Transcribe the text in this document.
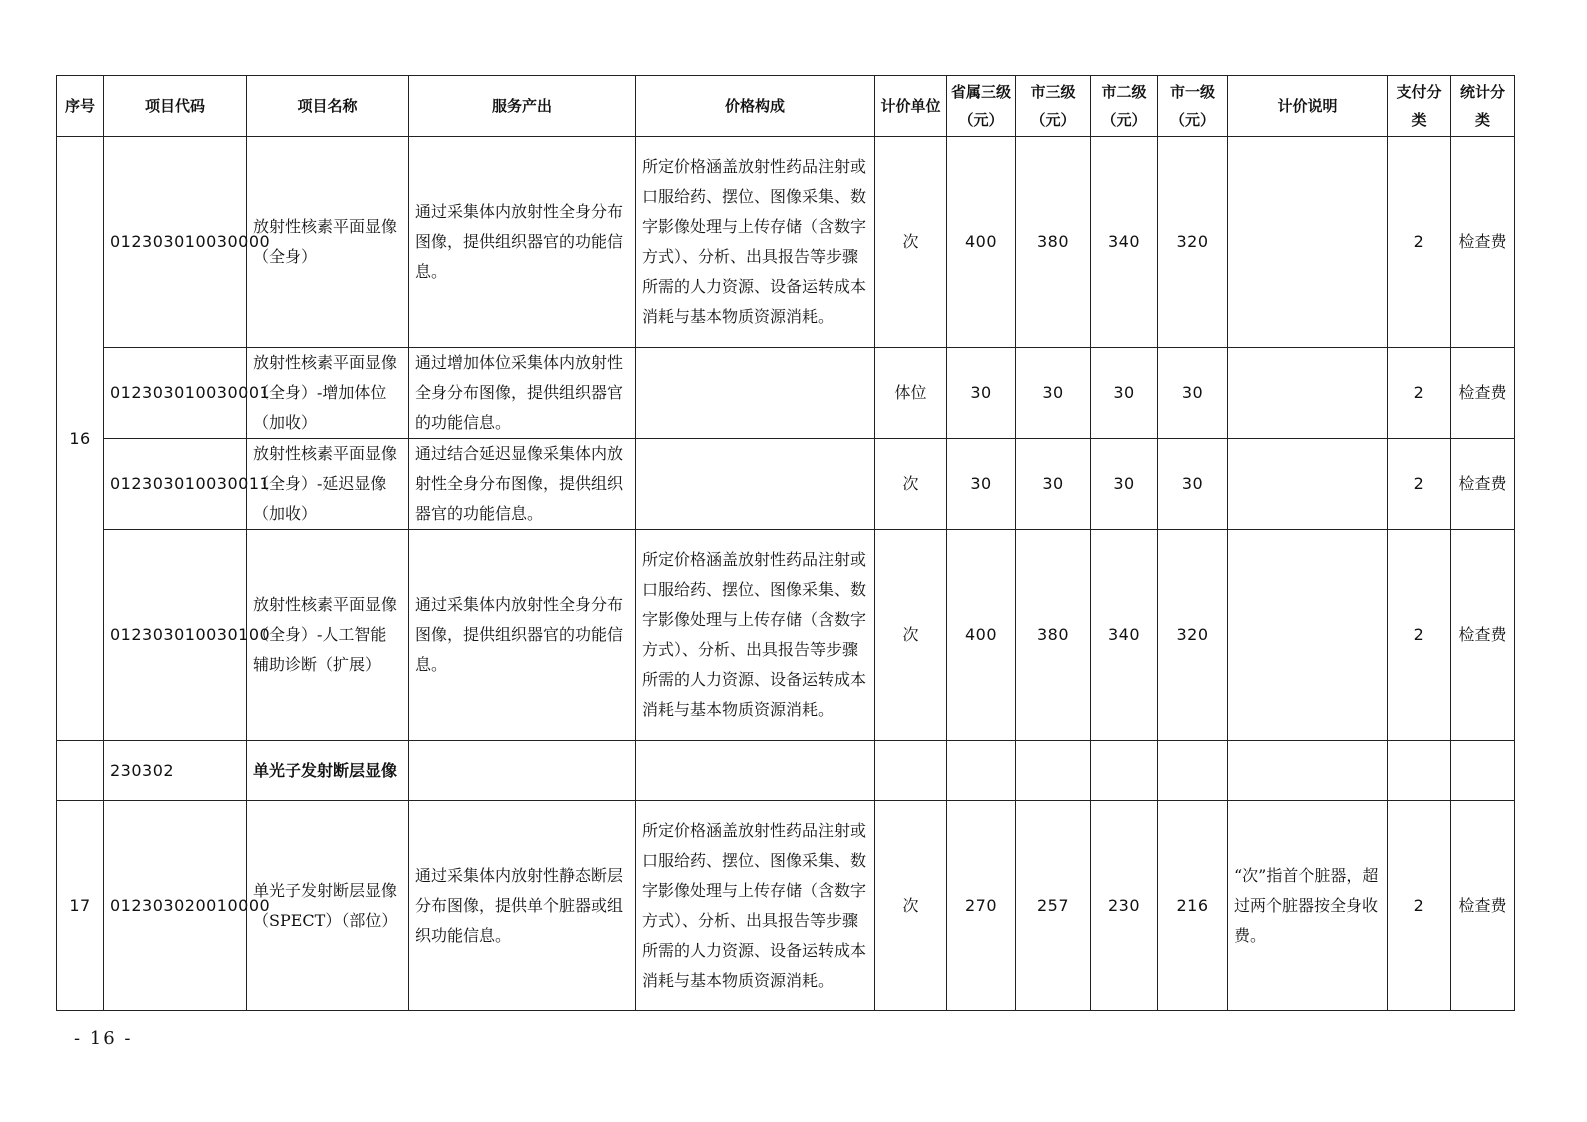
序号	项目代码	项目名称	服务产出	价格构成	计价单位	省属三级（元）	市三级（元）	市二级（元）	市一级（元）	计价说明	支付分类	统计分类
16	012303010030000	放射性核素平面显像（全身）	通过采集体内放射性全身分布图像，提供组织器官的功能信息。	所定价格涵盖放射性药品注射或口服给药、摆位、图像采集、数字影像处理与上传存储（含数字方式）、分析、出具报告等步骤所需的人力资源、设备运转成本消耗与基本物质资源消耗。	次	400	380	340	320		2	检查费
	012303010030001	放射性核素平面显像（全身）-增加体位（加收）	通过增加体位采集体内放射性全身分布图像，提供组织器官的功能信息。		体位	30	30	30	30		2	检查费
	012303010030011	放射性核素平面显像（全身）-延迟显像（加收）	通过结合延迟显像采集体内放射性全身分布图像，提供组织器官的功能信息。		次	30	30	30	30		2	检查费
	012303010030100	放射性核素平面显像（全身）-人工智能辅助诊断（扩展）	通过采集体内放射性全身分布图像，提供组织器官的功能信息。	所定价格涵盖放射性药品注射或口服给药、摆位、图像采集、数字影像处理与上传存储（含数字方式）、分析、出具报告等步骤所需的人力资源、设备运转成本消耗与基本物质资源消耗。	次	400	380	340	320		2	检查费
	230302	单光子发射断层显像										
17	012303020010000	单光子发射断层显像（SPECT）（部位）	通过采集体内放射性静态断层分布图像，提供单个脏器或组织功能信息。	所定价格涵盖放射性药品注射或口服给药、摆位、图像采集、数字影像处理与上传存储（含数字方式）、分析、出具报告等步骤所需的人力资源、设备运转成本消耗与基本物质资源消耗。	次	270	257	230	216	“次”指首个脏器，超过两个脏器按全身收费。	2	检查费
- 16 -
